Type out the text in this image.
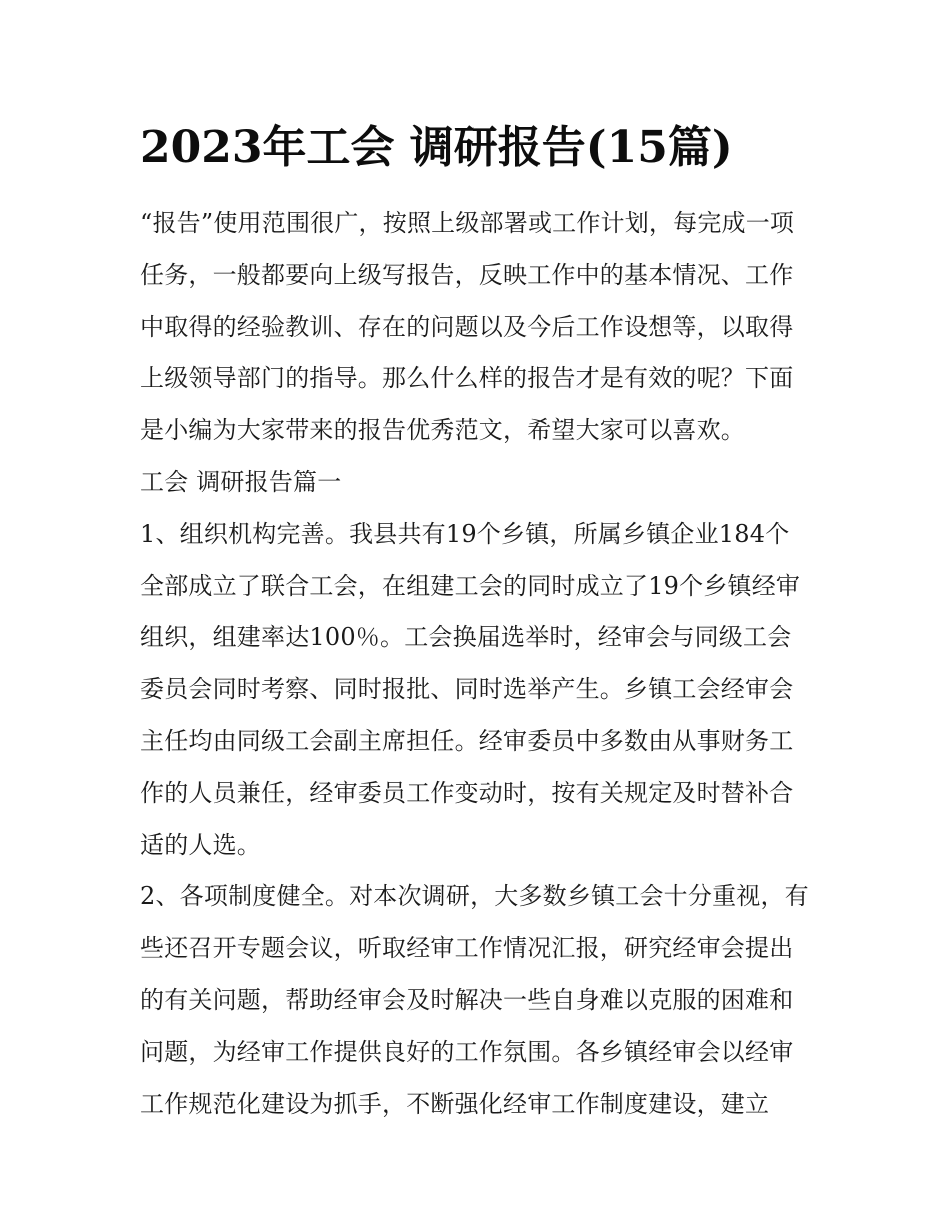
2023年工会 调研报告(15篇)

“报告”使用范围很广，按照上级部署或工作计划，每完成一项任务，一般都要向上级写报告，反映工作中的基本情况、工作中取得的经验教训、存在的问题以及今后工作设想等，以取得上级领导部门的指导。那么什么样的报告才是有效的呢？下面是小编为大家带来的报告优秀范文，希望大家可以喜欢。

工会 调研报告篇一

1、组织机构完善。我县共有19个乡镇，所属乡镇企业184个全部成立了联合工会，在组建工会的同时成立了19个乡镇经审组织，组建率达100％。工会换届选举时，经审会与同级工会委员会同时考察、同时报批、同时选举产生。乡镇工会经审会主任均由同级工会副主席担任。经审委员中多数由从事财务工作的人员兼任，经审委员工作变动时，按有关规定及时替补合适的人选。

2、各项制度健全。对本次调研，大多数乡镇工会十分重视，有些还召开专题会议，听取经审工作情况汇报，研究经审会提出的有关问题，帮助经审会及时解决一些自身难以克服的困难和问题，为经审工作提供良好的工作氛围。各乡镇经审会以经审工作规范化建设为抓手，不断强化经审工作制度建设，建立
